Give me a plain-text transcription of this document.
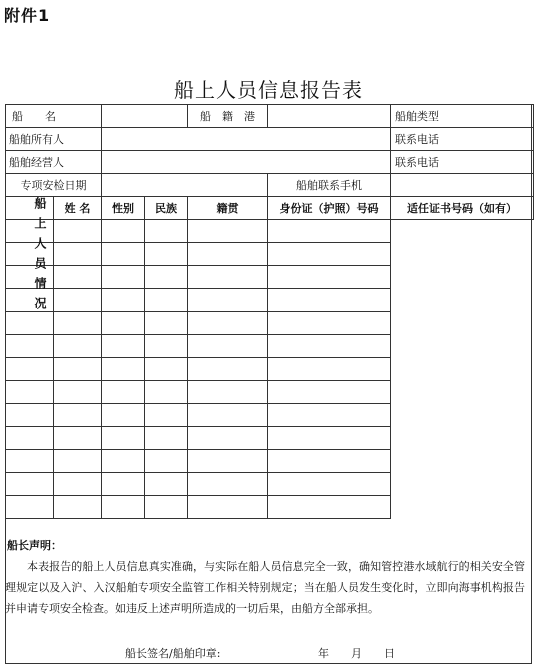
附件1
船上人员信息报告表
船　　名				船　籍　港		船舶类型
船舶所有人						联系电话
船舶经营人						联系电话
专项安检日期					船舶联系手机	

船上人员情况	姓 名	性别	民族	籍贯	身份证（护照）号码	适任证书号码（如有）

船长声明：
本表报告的船上人员信息真实准确，与实际在船人员信息完全一致，确知管控港水域航行的相关安全管理规定以及入沪、入汉船舶专项安全监管工作相关特别规定；当在船人员发生变化时，立即向海事机构报告并申请专项安全检查。如违反上述声明所造成的一切后果，由船方全部承担。
船长签名/船舶印章:	年　　月　　日
